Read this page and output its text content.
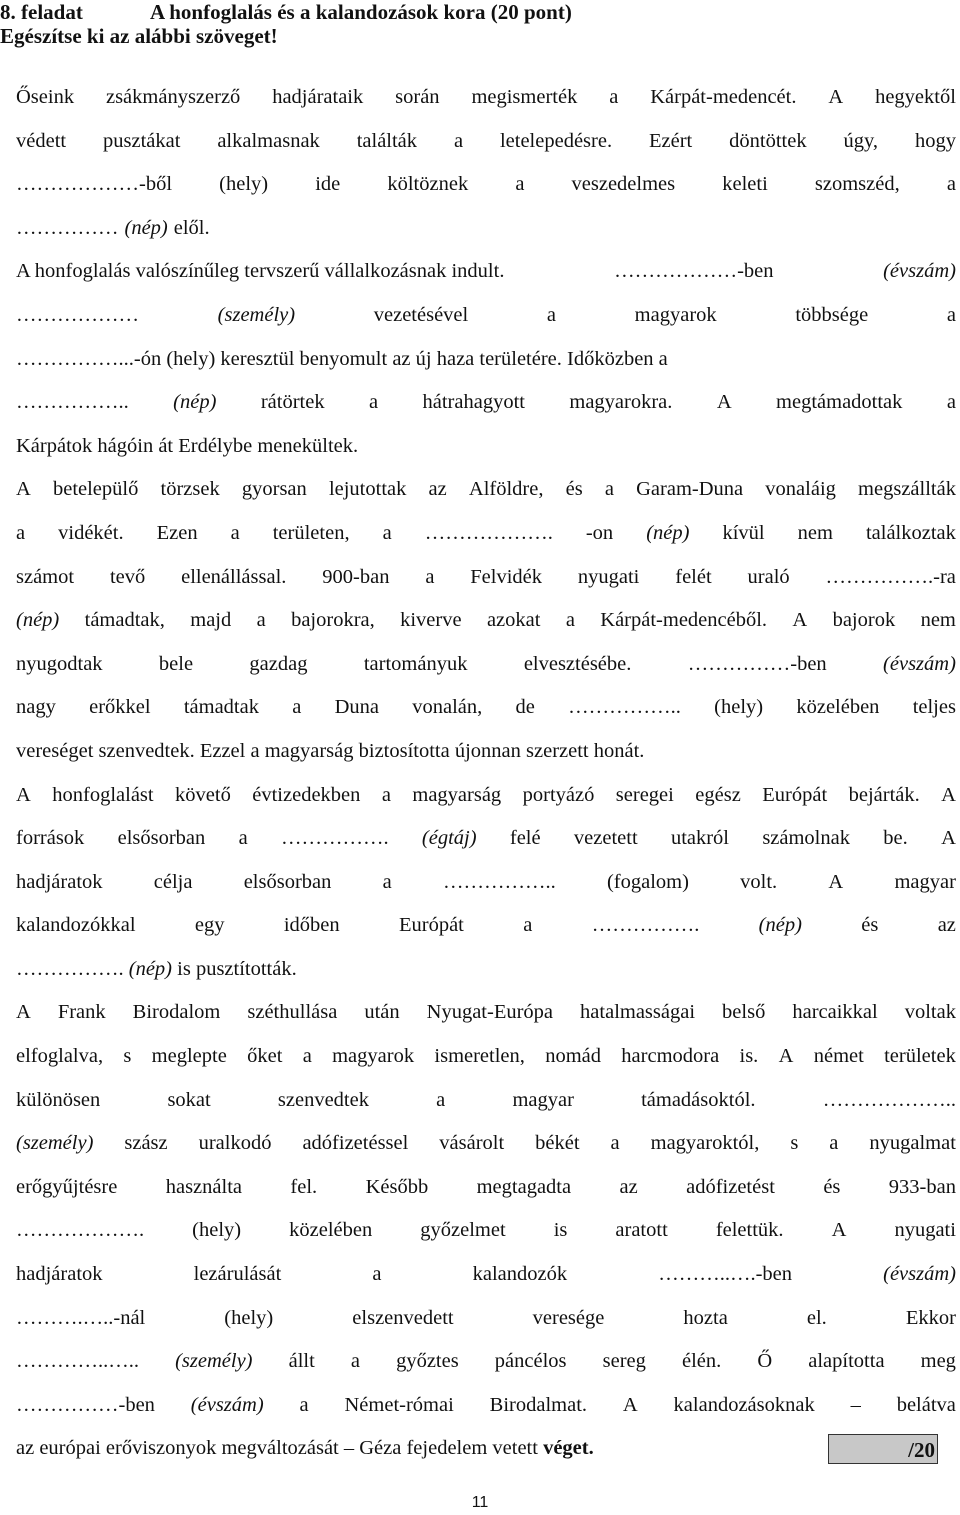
8. feladat	A honfoglalás és a kalandozások kora (20 pont)
Egészítse ki az alábbi szöveget!
Őseink zsákmányszerző hadjárataik során megismerték a Kárpát-medencét. A hegyektől
védett pusztákat alkalmasnak találták a letelepedésre. Ezért döntöttek úgy, hogy
………………-ből (hely) ide költöznek a veszedelmes keleti szomszéd, a
…………… (nép) elől.
A honfoglalás valószínűleg tervszerű vállalkozásnak indult.	………………-ben	(évszám)
………………	(személy)	vezetésével	a	magyarok	többsége	a
……………...-ón (hely) keresztül benyomult az új haza területére. Időközben a
…………….. (nép) rátörtek a hátrahagyott magyarokra. A megtámadottak a
Kárpátok hágóin át Erdélybe menekültek.
A betelepülő törzsek gyorsan lejutottak az Alföldre, és a Garam-Duna vonaláig megszállták
a vidékét. Ezen a területen, a ………………. -on (nép) kívül nem találkoztak
számot tevő ellenállással. 900-ban a Felvidék nyugati felét uraló …………….-ra
(nép) támadtak, majd a bajorokra, kiverve azokat a Kárpát-medencéből. A bajorok nem
nyugodtak	bele	gazdag	tartományuk	elvesztésébe.	……………-ben	(évszám)
nagy erőkkel támadtak a Duna vonalán, de …………….. (hely) közelében teljes
vereséget szenvedtek. Ezzel a magyarság biztosította újonnan szerzett honát.
A honfoglalást követő évtizedekben a magyarság portyázó seregei egész Európát bejárták. A
források elsősorban a ……………. (égtáj) felé vezetett utakról számolnak be. A
hadjáratok célja elsősorban a …………….. (fogalom) volt. A magyar
kalandozókkal	egy	időben	Európát	a	…………….	(nép)	és	az
……………. (nép) is pusztították.
A Frank Birodalom széthullása után Nyugat-Európa hatalmasságai belső harcaikkal voltak
elfoglalva, s meglepte őket a magyarok ismeretlen, nomád harcmodora is. A német területek
különösen	sokat	szenvedtek	a	magyar	támadásoktól.	………………..
(személy) szász uralkodó adófizetéssel vásárolt békét a magyaroktól, s a nyugalmat
erőgyűjtésre használta fel. Később megtagadta az adófizetést és 933-ban
………………. (hely) közelében győzelmet is aratott felettük. A nyugati
hadjáratok	lezárulását	a	kalandozók	………..….-ben	(évszám)
……….…..-nál	(hely)	elszenvedett	veresége	hozta	el.	Ekkor
…………..….. (személy) állt a győztes páncélos sereg élén. Ő alapította meg
……………-ben (évszám) a Német-római Birodalmat. A kalandozásoknak – belátva
az európai erőviszonyok megváltozását – Géza fejedelem vetett véget.	/20
11
